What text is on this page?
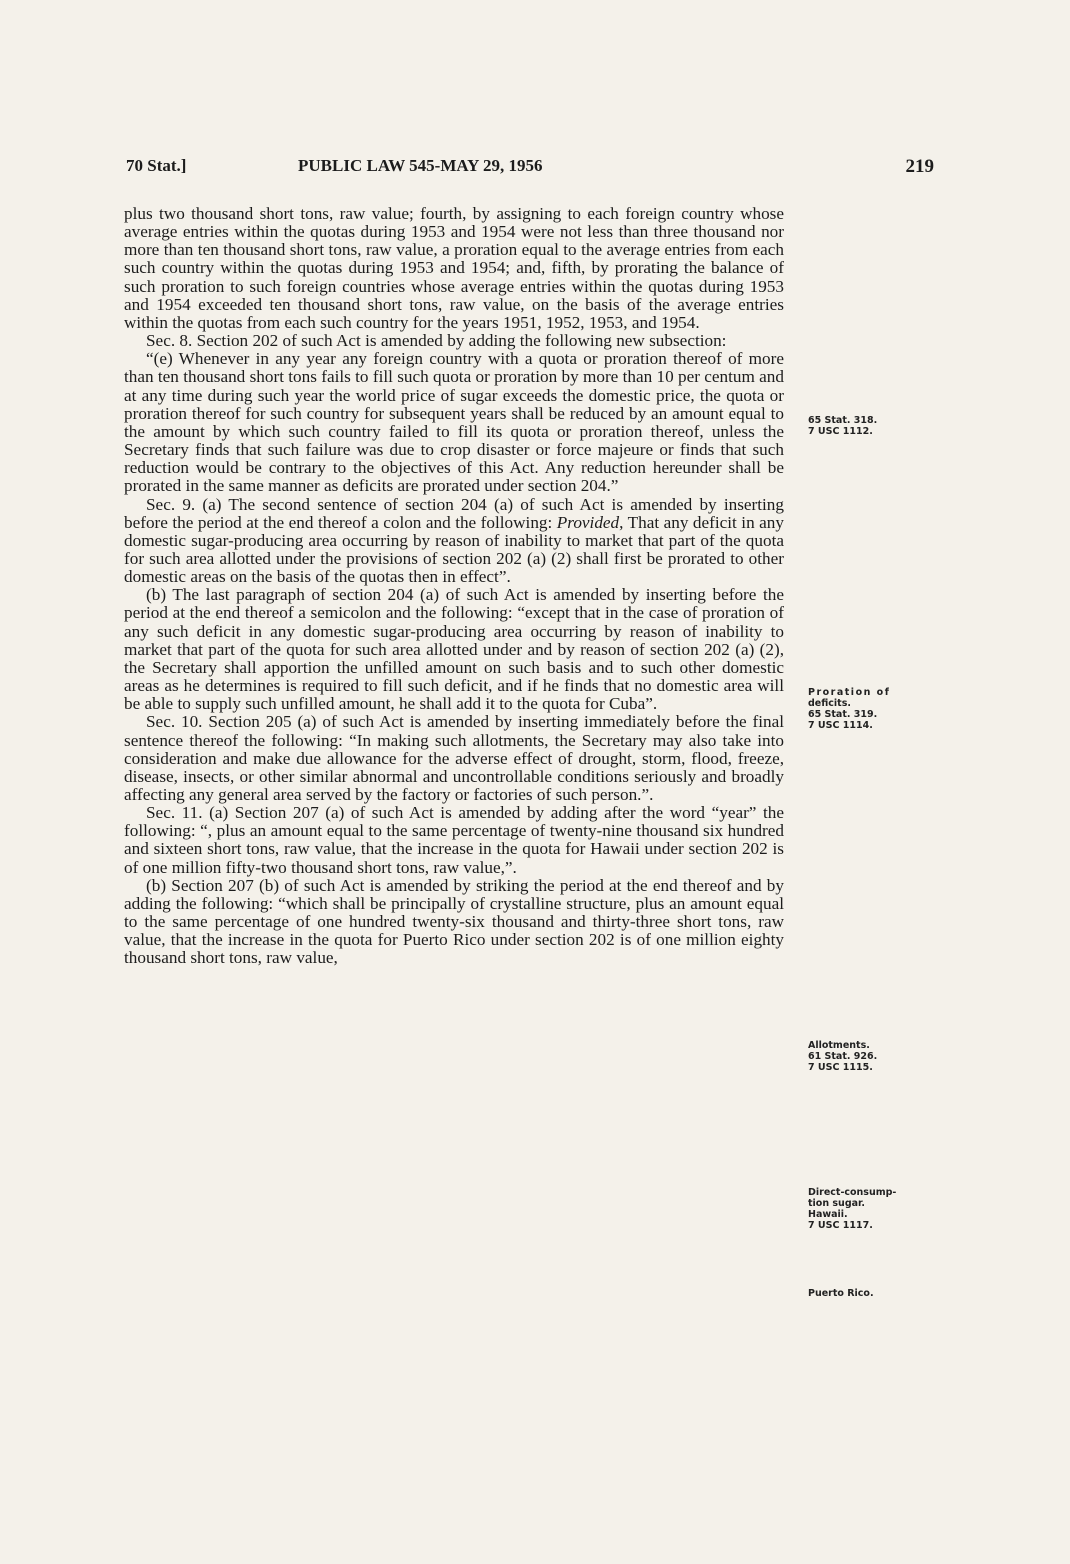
70 Stat.]	PUBLIC LAW 545-MAY 29, 1956	219

plus two thousand short tons, raw value; fourth, by assigning to each foreign country whose average entries within the quotas during 1953 and 1954 were not less than three thousand nor more than ten thousand short tons, raw value, a proration equal to the average entries from each such country within the quotas during 1953 and 1954; and, fifth, by prorating the balance of such proration to such foreign countries whose average entries within the quotas during 1953 and 1954 exceeded ten thousand short tons, raw value, on the basis of the average entries within the quotas from each such country for the years 1951, 1952, 1953, and 1954.

Sec. 8. Section 202 of such Act is amended by adding the following new subsection:

“(e) Whenever in any year any foreign country with a quota or proration thereof of more than ten thousand short tons fails to fill such quota or proration by more than 10 per centum and at any time during such year the world price of sugar exceeds the domestic price, the quota or proration thereof for such country for subsequent years shall be reduced by an amount equal to the amount by which such country failed to fill its quota or proration thereof, unless the Secretary finds that such failure was due to crop disaster or force majeure or finds that such reduction would be contrary to the objectives of this Act. Any reduction hereunder shall be prorated in the same manner as deficits are prorated under section 204.”

Sec. 9. (a) The second sentence of section 204 (a) of such Act is amended by inserting before the period at the end thereof a colon and the following: Provided, That any deficit in any domestic sugar-producing area occurring by reason of inability to market that part of the quota for such area allotted under the provisions of section 202 (a) (2) shall first be prorated to other domestic areas on the basis of the quotas then in effect”.

(b) The last paragraph of section 204 (a) of such Act is amended by inserting before the period at the end thereof a semicolon and the following: “except that in the case of proration of any such deficit in any domestic sugar-producing area occurring by reason of inability to market that part of the quota for such area allotted under and by reason of section 202 (a) (2), the Secretary shall apportion the unfilled amount on such basis and to such other domestic areas as he determines is required to fill such deficit, and if he finds that no domestic area will be able to supply such unfilled amount, he shall add it to the quota for Cuba”.

Sec. 10. Section 205 (a) of such Act is amended by inserting immediately before the final sentence thereof the following: “In making such allotments, the Secretary may also take into consideration and make due allowance for the adverse effect of drought, storm, flood, freeze, disease, insects, or other similar abnormal and uncontrollable conditions seriously and broadly affecting any general area served by the factory or factories of such person.”.

Sec. 11. (a) Section 207 (a) of such Act is amended by adding after the word “year” the following: “, plus an amount equal to the same percentage of twenty-nine thousand six hundred and sixteen short tons, raw value, that the increase in the quota for Hawaii under section 202 is of one million fifty-two thousand short tons, raw value,”.

(b) Section 207 (b) of such Act is amended by striking the period at the end thereof and by adding the following: “which shall be principally of crystalline structure, plus an amount equal to the same percentage of one hundred twenty-six thousand and thirty-three short tons, raw value, that the increase in the quota for Puerto Rico under section 202 is of one million eighty thousand short tons, raw value,

65 Stat. 318.
7 USC 1112.
Proration of
deficits.
65 Stat. 319.
7 USC 1114.
Allotments.
61 Stat. 926.
7 USC 1115.
Direct-consump-
tion sugar.
Hawaii.
7 USC 1117.
Puerto Rico.
